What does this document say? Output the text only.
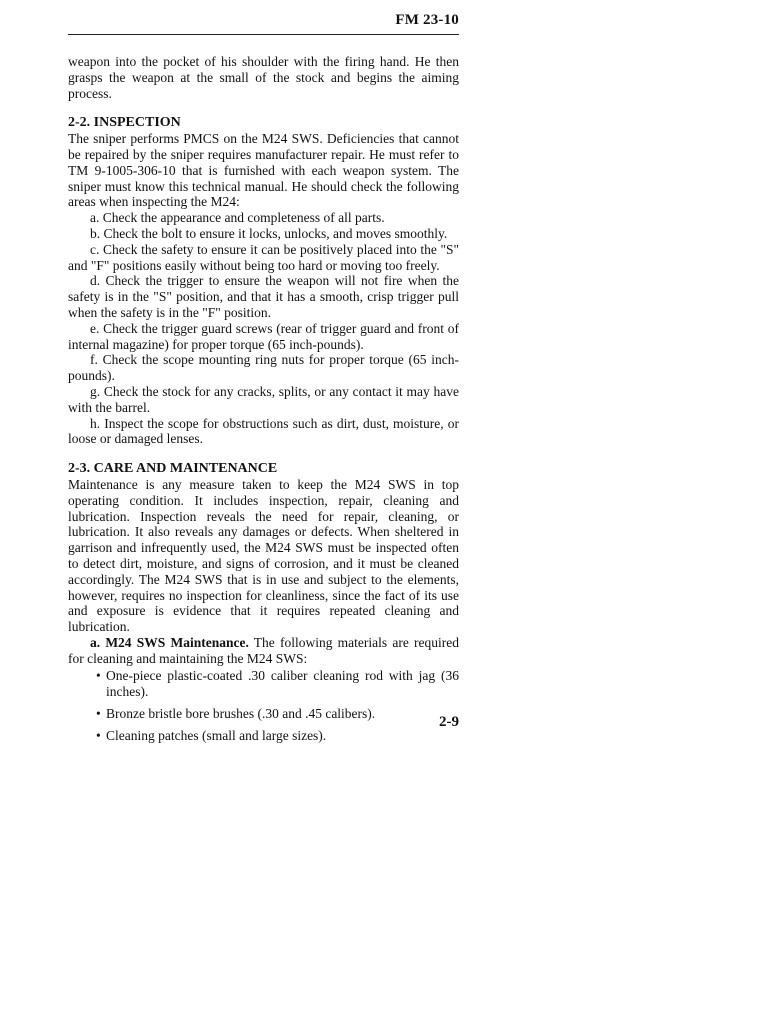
FM 23-10

weapon into the pocket of his shoulder with the firing hand. He then grasps the weapon at the small of the stock and begins the aiming process.

2-2. INSPECTION

The sniper performs PMCS on the M24 SWS. Deficiencies that cannot be repaired by the sniper requires manufacturer repair. He must refer to TM 9-1005-306-10 that is furnished with each weapon system. The sniper must know this technical manual. He should check the following areas when inspecting the M24:

a. Check the appearance and completeness of all parts.

b. Check the bolt to ensure it locks, unlocks, and moves smoothly.

c. Check the safety to ensure it can be positively placed into the "S" and "F" positions easily without being too hard or moving too freely.

d. Check the trigger to ensure the weapon will not fire when the safety is in the "S" position, and that it has a smooth, crisp trigger pull when the safety is in the "F" position.

e. Check the trigger guard screws (rear of trigger guard and front of internal magazine) for proper torque (65 inch-pounds).

f. Check the scope mounting ring nuts for proper torque (65 inch-pounds).

g. Check the stock for any cracks, splits, or any contact it may have with the barrel.

h. Inspect the scope for obstructions such as dirt, dust, moisture, or loose or damaged lenses.

2-3. CARE AND MAINTENANCE

Maintenance is any measure taken to keep the M24 SWS in top operating condition. It includes inspection, repair, cleaning and lubrication. Inspection reveals the need for repair, cleaning, or lubrication. It also reveals any damages or defects. When sheltered in garrison and infrequently used, the M24 SWS must be inspected often to detect dirt, moisture, and signs of corrosion, and it must be cleaned accordingly. The M24 SWS that is in use and subject to the elements, however, requires no inspection for cleanliness, since the fact of its use and exposure is evidence that it requires repeated cleaning and lubrication.

a. M24 SWS Maintenance. The following materials are required for cleaning and maintaining the M24 SWS:

• One-piece plastic-coated .30 caliber cleaning rod with jag (36 inches).
• Bronze bristle bore brushes (.30 and .45 calibers).
• Cleaning patches (small and large sizes).
2-9
